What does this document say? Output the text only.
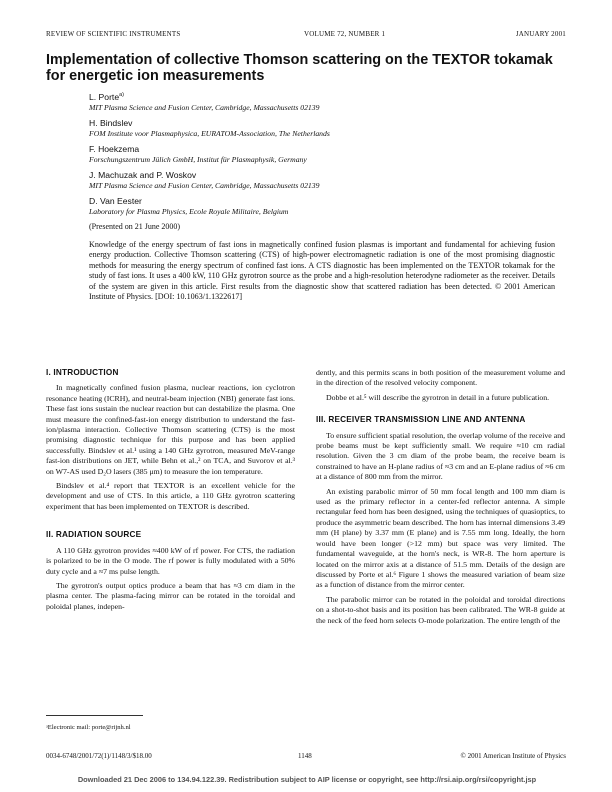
REVIEW OF SCIENTIFIC INSTRUMENTS	VOLUME 72, NUMBER 1	JANUARY 2001
Implementation of collective Thomson scattering on the TEXTOR tokamak for energetic ion measurements
L. Porte$^{a)}$
MIT Plasma Science and Fusion Center, Cambridge, Massachusetts 02139
H. Bindslev
FOM Institute voor Plasmaphysica, EURATOM-Association, The Netherlands
F. Hoekzema
Forschungszentrum Jülich GmbH, Institut für Plasmaphysik, Germany
J. Machuzak and P. Woskov
MIT Plasma Science and Fusion Center, Cambridge, Massachusetts 02139
D. Van Eester
Laboratory for Plasma Physics, Ecole Royale Militaire, Belgium
(Presented on 21 June 2000)
Knowledge of the energy spectrum of fast ions in magnetically confined fusion plasmas is important and fundamental for achieving fusion energy production. Collective Thomson scattering (CTS) of high-power electromagnetic radiation is one of the most promising diagnostic methods for measuring the energy spectrum of confined fast ions. A CTS diagnostic has been implemented on the TEXTOR tokamak for the study of fast ions. It uses a 400 kW, 110 GHz gyrotron source as the probe and a high-resolution heterodyne radiometer as the receiver. Details of the system are given in this article. First results from the diagnostic show that scattered radiation has been detected. © 2001 American Institute of Physics. [DOI: 10.1063/1.1322617]
I. INTRODUCTION

In magnetically confined fusion plasma, nuclear reactions, ion cyclotron resonance heating (ICRH), and neutral-beam injection (NBI) generate fast ions. These fast ions sustain the nuclear reaction but can destabilize the plasma. One must measure the confined-fast-ion energy distribution to understand the fast-ion/plasma interaction. Collective Thomson scattering (CTS) is the most promising diagnostic technique for this purpose and has been applied successfully. Bindslev et al.¹ using a 140 GHz gyrotron, measured MeV-range fast-ion distributions on JET, while Behn et al.,² on TCA, and Suvorov et al.³ on W7-AS used D₂O lasers (385 μm) to measure the ion temperature.

Bindslev et al.⁴ report that TEXTOR is an excellent vehicle for the development and use of CTS. In this article, a 110 GHz gyrotron scattering experiment that has been implemented on TEXTOR is described.

II. RADIATION SOURCE

A 110 GHz gyrotron provides ≈400 kW of rf power. For CTS, the radiation is polarized to be in the O mode. The rf power is fully modulated with a 50% duty cycle and a ≈7 ms pulse length.

The gyrotron's output optics produce a beam that has ≈3 cm diam in the plasma center. The plasma-facing mirror can be rotated in the toroidal and poloidal planes, indepen-

dently, and this permits scans in both position of the measurement volume and in the direction of the resolved velocity component.

Dobbe et al.⁵ will describe the gyrotron in detail in a future publication.

III. RECEIVER TRANSMISSION LINE AND ANTENNA

To ensure sufficient spatial resolution, the overlap volume of the receive and probe beams must be kept sufficiently small. We require ≈10 cm radial resolution. Given the 3 cm diam of the probe beam, the receive beam is constrained to have an H-plane radius of ≈3 cm and an E-plane radius of ≈6 cm at a distance of 800 mm from the mirror.

An existing parabolic mirror of 50 mm focal length and 100 mm diam is used as the primary reflector in a center-fed reflector antenna. A simple rectangular feed horn has been designed, using the techniques of quasioptics, to produce the asymmetric beam described. The horn has internal dimensions 3.49 mm (H plane) by 3.37 mm (E plane) and is 7.55 mm long. Ideally, the horn would have been longer (>12 mm) but space was very limited. The fundamental waveguide, at the horn's neck, is WR-8. The horn aperture is located on the mirror axis at a distance of 51.5 mm. Details of the design are discussed by Porte et al.⁶ Figure 1 shows the measured variation of beam size as a function of distance from the mirror center.

The parabolic mirror can be rotated in the poloidal and toroidal directions on a shot-to-shot basis and its position has been calibrated. The WR-8 guide at the neck of the feed horn selects O-mode polarization. The entire length of the

ᵃElectronic mail: porte@rijnh.nl
0034-6748/2001/72(1)/1148/3/$18.00	1148	© 2001 American Institute of Physics
Downloaded 21 Dec 2006 to 134.94.122.39. Redistribution subject to AIP license or copyright, see http://rsi.aip.org/rsi/copyright.jsp
